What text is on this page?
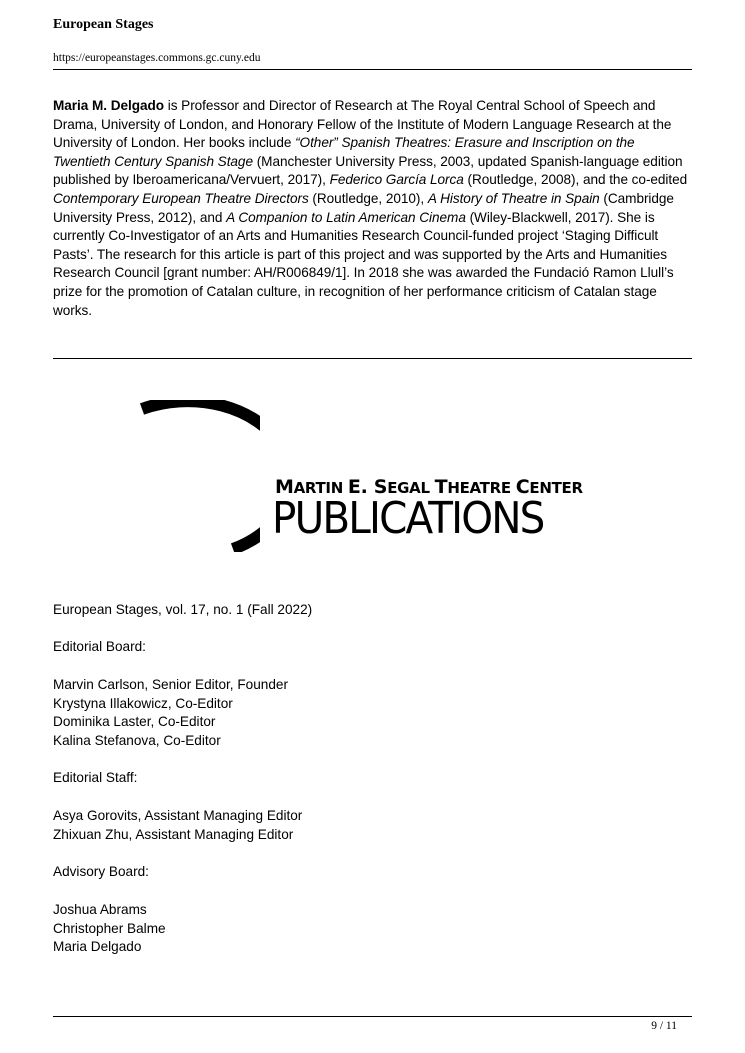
European Stages
https://europeanstages.commons.gc.cuny.edu
Maria M. Delgado is Professor and Director of Research at The Royal Central School of Speech and Drama, University of London, and Honorary Fellow of the Institute of Modern Language Research at the University of London. Her books include “Other” Spanish Theatres: Erasure and Inscription on the Twentieth Century Spanish Stage (Manchester University Press, 2003, updated Spanish-language edition published by Iberoamericana/Vervuert, 2017), Federico García Lorca (Routledge, 2008), and the co-edited Contemporary European Theatre Directors (Routledge, 2010), A History of Theatre in Spain (Cambridge University Press, 2012), and A Companion to Latin American Cinema (Wiley-Blackwell, 2017). She is currently Co-Investigator of an Arts and Humanities Research Council-funded project ‘Staging Difficult Pasts’. The research for this article is part of this project and was supported by the Arts and Humanities Research Council [grant number: AH/R006849/1]. In 2018 she was awarded the Fundació Ramon Llull’s prize for the promotion of Catalan culture, in recognition of her performance criticism of Catalan stage works.
MARTIN E. SEGAL THEATRE CENTER
PUBLICATIONS
European Stages, vol. 17, no. 1 (Fall 2022)
Editorial Board:
Marvin Carlson, Senior Editor, Founder
Krystyna Illakowicz, Co-Editor
Dominika Laster, Co-Editor
Kalina Stefanova, Co-Editor
Editorial Staff:
Asya Gorovits, Assistant Managing Editor
Zhixuan Zhu, Assistant Managing Editor
Advisory Board:
Joshua Abrams
Christopher Balme
Maria Delgado
9 / 11
